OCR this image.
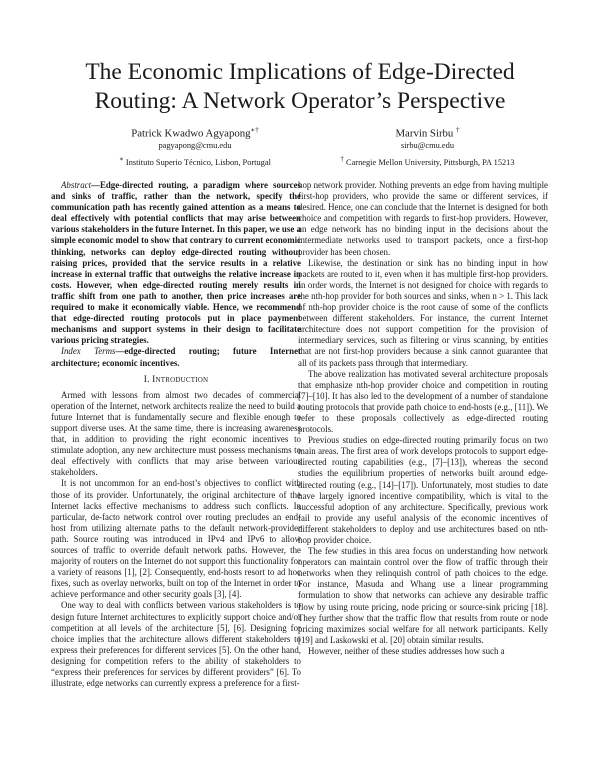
The Economic Implications of Edge-Directed
Routing: A Network Operator’s Perspective
Patrick Kwadwo Agyapong∗†
pagyapong@cmu.edu
∗ Instituto Superio Técnico, Lisbon, Portugal
Marvin Sirbu †
sirbu@cmu.edu
† Carnegie Mellon University, Pittsburgh, PA 15213

Abstract—Edge-directed routing, a paradigm where sources and sinks of traffic, rather than the network, specify the communication path has recently gained attention as a means to deal effectively with potential conflicts that may arise between various stakeholders in the future Internet. In this paper, we use a simple economic model to show that contrary to current economic thinking, networks can deploy edge-directed routing without raising prices, provided that the service results in a relative increase in external traffic that outweighs the relative increase in costs. However, when edge-directed routing merely results in traffic shift from one path to another, then price increases are required to make it economically viable. Hence, we recommend that edge-directed routing protocols put in place payment mechanisms and support systems in their design to facilitate various pricing strategies.

Index Terms—edge-directed routing; future Internet architecture; economic incentives.

I. Introduction

Armed with lessons from almost two decades of commercial operation of the Internet, network architects realize the need to build a future Internet that is fundamentally secure and flexible enough to support diverse uses. At the same time, there is increasing awareness that, in addition to providing the right economic incentives to stimulate adoption, any new architecture must possess mechanisms to deal effectively with conflicts that may arise between various stakeholders.

It is not uncommon for an end-host’s objectives to conflict with those of its provider. Unfortunately, the original architecture of the Internet lacks effective mechanisms to address such conflicts. In particular, de-facto network control over routing precludes an end-host from utilizing alternate paths to the default network-provider path. Source routing was introduced in IPv4 and IPv6 to allow sources of traffic to override default network paths. However, the majority of routers on the Internet do not support this functionality for a variety of reasons [1], [2]. Consequently, end-hosts resort to ad hoc fixes, such as overlay networks, built on top of the Internet in order to achieve performance and other security goals [3], [4].

One way to deal with conflicts between various stakeholders is to design future Internet architectures to explicitly support choice and/or competition at all levels of the architecture [5], [6]. Designing for choice implies that the architecture allows different stakeholders to express their preferences for different services [5]. On the other hand, designing for competition refers to the ability of stakeholders to “express their preferences for services by different providers” [6]. To illustrate, edge networks can currently express a preference for a first-

hop network provider. Nothing prevents an edge from having multiple first-hop providers, who provide the same or different services, if desired. Hence, one can conclude that the Internet is designed for both choice and competition with regards to first-hop providers. However, an edge network has no binding input in the decisions about the intermediate networks used to transport packets, once a first-hop provider has been chosen.

Likewise, the destination or sink has no binding input in how packets are routed to it, even when it has multiple first-hop providers. In order words, the Internet is not designed for choice with regards to the nth-hop provider for both sources and sinks, when n > 1. This lack of nth-hop provider choice is the root cause of some of the conflicts between different stakeholders. For instance, the current Internet architecture does not support competition for the provision of intermediary services, such as filtering or virus scanning, by entities that are not first-hop providers because a sink cannot guarantee that all of its packets pass through that intermediary.

The above realization has motivated several architecture proposals that emphasize nth-hop provider choice and competition in routing [7]–[10]. It has also led to the development of a number of standalone routing protocols that provide path choice to end-hosts (e.g., [11]). We refer to these proposals collectively as edge-directed routing protocols.

Previous studies on edge-directed routing primarily focus on two main areas. The first area of work develops protocols to support edge-directed routing capabilities (e.g., [7]–[13]), whereas the second studies the equilibrium properties of networks built around edge-directed routing (e.g., [14]–[17]). Unfortunately, most studies to date have largely ignored incentive compatibility, which is vital to the successful adoption of any architecture. Specifically, previous work fail to provide any useful analysis of the economic incentives of different stakeholders to deploy and use architectures based on nth-hop provider choice.

The few studies in this area focus on understanding how network operators can maintain control over the flow of traffic through their networks when they relinquish control of path choices to the edge. For instance, Masuda and Whang use a linear programming formulation to show that networks can achieve any desirable traffic flow by using route pricing, node pricing or source-sink pricing [18]. They further show that the traffic flow that results from route or node pricing maximizes social welfare for all network participants. Kelly [19] and Laskowski et al. [20] obtain similar results.

However, neither of these studies addresses how such a
